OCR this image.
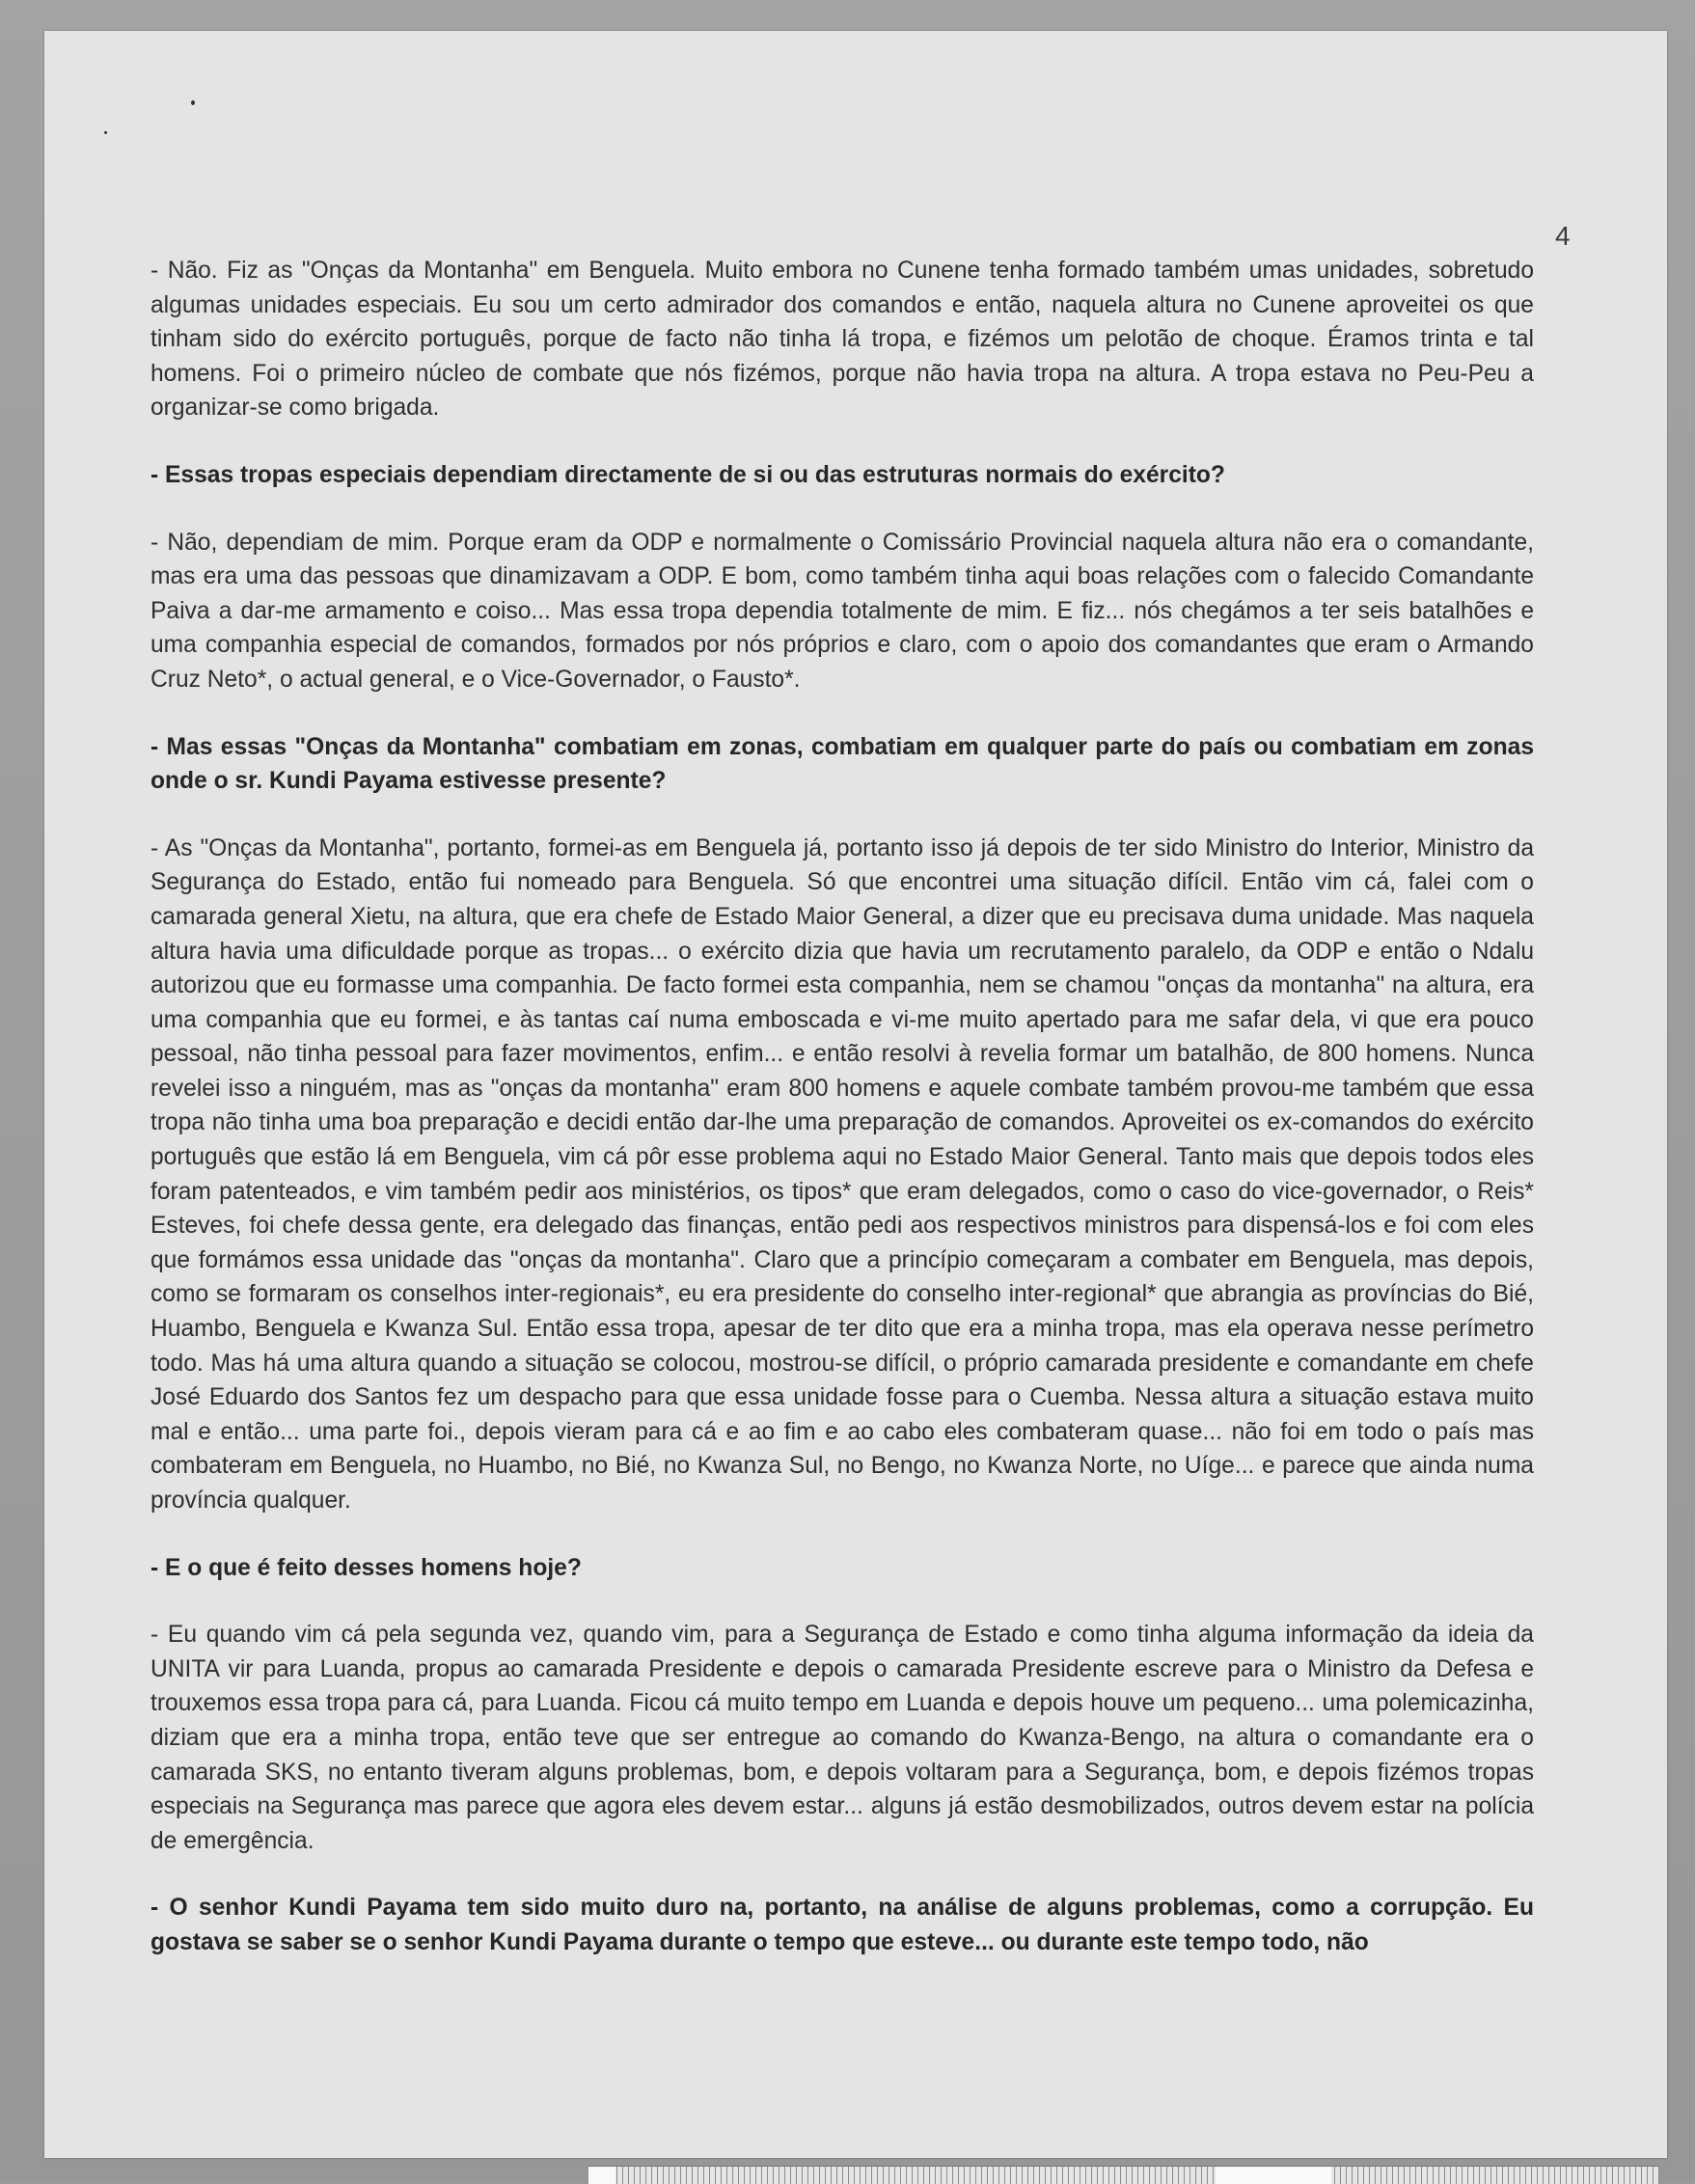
4

- Não. Fiz as "Onças da Montanha" em Benguela. Muito embora no Cunene tenha formado também umas unidades, sobretudo algumas unidades especiais. Eu sou um certo admirador dos comandos e então, naquela altura no Cunene aproveitei os que tinham sido do exército português, porque de facto não tinha lá tropa, e fizémos um pelotão de choque. Éramos trinta e tal homens. Foi o primeiro núcleo de combate que nós fizémos, porque não havia tropa na altura. A tropa estava no Peu-Peu a organizar-se como brigada.

- Essas tropas especiais dependiam directamente de si ou das estruturas normais do exército?

- Não, dependiam de mim. Porque eram da ODP e normalmente o Comissário Provincial naquela altura não era o comandante, mas era uma das pessoas que dinamizavam a ODP. E bom, como também tinha aqui boas relações com o falecido Comandante Paiva a dar-me armamento e coiso... Mas essa tropa dependia totalmente de mim. E fiz... nós chegámos a ter seis batalhões e uma companhia especial de comandos, formados por nós próprios e claro, com o apoio dos comandantes que eram o Armando Cruz Neto*, o actual general, e o Vice-Governador, o Fausto*.

- Mas essas "Onças da Montanha" combatiam em zonas, combatiam em qualquer parte do país ou combatiam em zonas onde o sr. Kundi Payama estivesse presente?

- As "Onças da Montanha", portanto, formei-as em Benguela já, portanto isso já depois de ter sido Ministro do Interior, Ministro da Segurança do Estado, então fui nomeado para Benguela. Só que encontrei uma situação difícil. Então vim cá, falei com o camarada general Xietu, na altura, que era chefe de Estado Maior General, a dizer que eu precisava duma unidade. Mas naquela altura havia uma dificuldade porque as tropas... o exército dizia que havia um recrutamento paralelo, da ODP e então o Ndalu autorizou que eu formasse uma companhia. De facto formei esta companhia, nem se chamou "onças da montanha" na altura, era uma companhia que eu formei, e às tantas caí numa emboscada e vi-me muito apertado para me safar dela, vi que era pouco pessoal, não tinha pessoal para fazer movimentos, enfim... e então resolvi à revelia formar um batalhão, de 800 homens. Nunca revelei isso a ninguém, mas as "onças da montanha" eram 800 homens e aquele combate também provou-me também que essa tropa não tinha uma boa preparação e decidi então dar-lhe uma preparação de comandos. Aproveitei os ex-comandos do exército português que estão lá em Benguela, vim cá pôr esse problema aqui no Estado Maior General. Tanto mais que depois todos eles foram patenteados, e vim também pedir aos ministérios, os tipos* que eram delegados, como o caso do vice-governador, o Reis* Esteves, foi chefe dessa gente, era delegado das finanças, então pedi aos respectivos ministros para dispensá-los e foi com eles que formámos essa unidade das "onças da montanha". Claro que a princípio começaram a combater em Benguela, mas depois, como se formaram os conselhos inter-regionais*, eu era presidente do conselho inter-regional* que abrangia as províncias do Bié, Huambo, Benguela e Kwanza Sul. Então essa tropa, apesar de ter dito que era a minha tropa, mas ela operava nesse perímetro todo. Mas há uma altura quando a situação se colocou, mostrou-se difícil, o próprio camarada presidente e comandante em chefe José Eduardo dos Santos fez um despacho para que essa unidade fosse para o Cuemba. Nessa altura a situação estava muito mal e então... uma parte foi., depois vieram para cá e ao fim e ao cabo eles combateram quase... não foi em todo o país mas combateram em Benguela, no Huambo, no Bié, no Kwanza Sul, no Bengo, no Kwanza Norte, no Uíge... e parece que ainda numa província qualquer.

- E o que é feito desses homens hoje?

- Eu quando vim cá pela segunda vez, quando vim, para a Segurança de Estado e como tinha alguma informação da ideia da UNITA vir para Luanda, propus ao camarada Presidente e depois o camarada Presidente escreve para o Ministro da Defesa e trouxemos essa tropa para cá, para Luanda. Ficou cá muito tempo em Luanda e depois houve um pequeno... uma polemicazinha, diziam que era a minha tropa, então teve que ser entregue ao comando do Kwanza-Bengo, na altura o comandante era o camarada SKS, no entanto tiveram alguns problemas, bom, e depois voltaram para a Segurança, bom, e depois fizémos tropas especiais na Segurança mas parece que agora eles devem estar... alguns já estão desmobilizados, outros devem estar na polícia de emergência.

- O senhor Kundi Payama tem sido muito duro na, portanto, na análise de alguns problemas, como a corrupção. Eu gostava se saber se o senhor Kundi Payama durante o tempo que esteve... ou durante este tempo todo, não
